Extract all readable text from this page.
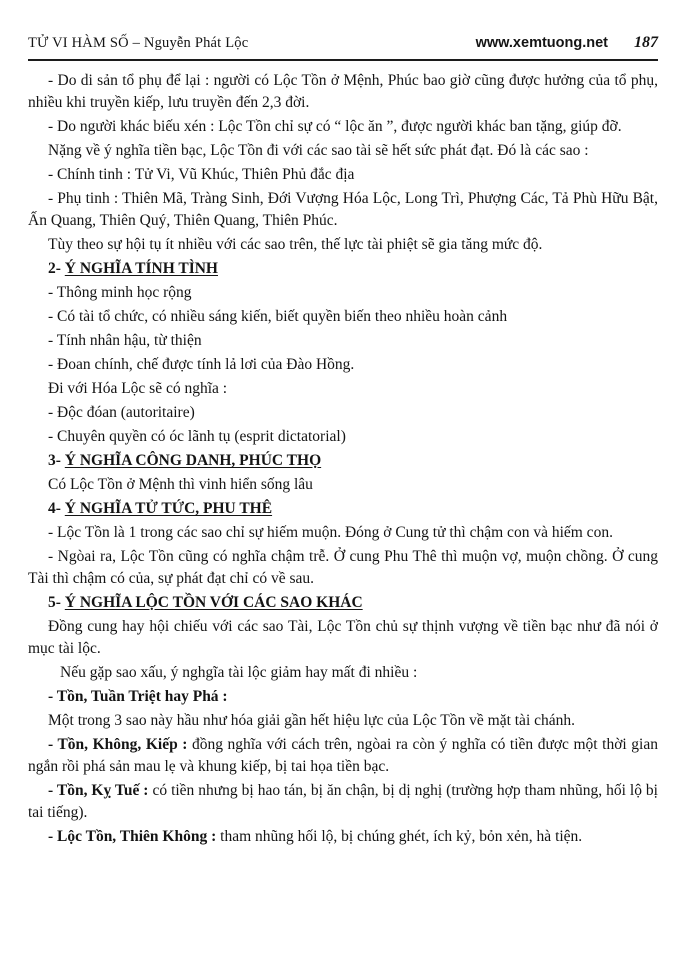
TỬ VI HÀM SỐ – Nguyễn Phát Lộc	www.xemtuong.net 187

- Do di sản tổ phụ để lại : người có Lộc Tồn ở Mệnh, Phúc bao giờ cũng được hưởng của tổ phụ, nhiều khi truyền kiếp, lưu truyền đến 2,3 đời.

- Do người khác biếu xén : Lộc Tồn chỉ sự có “ lộc ăn ”, được người khác ban tặng, giúp đỡ.

Nặng về ý nghĩa tiền bạc, Lộc Tồn đi với các sao tài sẽ hết sức phát đạt. Đó là các sao :

- Chính tinh : Tử Vi, Vũ Khúc, Thiên Phủ đắc địa

- Phụ tinh : Thiên Mã, Tràng Sinh, Đới Vượng Hóa Lộc, Long Trì, Phượng Các, Tả Phù Hữu Bật, Ấn Quang, Thiên Quý, Thiên Quang, Thiên Phúc.

Tùy theo sự hội tụ ít nhiều với các sao trên, thế lực tài phiệt sẽ gia tăng mức độ.

2- Ý NGHĨA TÍNH TÌNH

- Thông minh học rộng

- Có tài tổ chức, có nhiều sáng kiến, biết quyền biến theo nhiều hoàn cảnh

- Tính nhân hậu, từ thiện

- Đoan chính, chế được tính lả lơi của Đào Hồng.

Đi với Hóa Lộc sẽ có nghĩa :

- Độc đóan (autoritaire)

- Chuyên quyền có óc lãnh tụ (esprit dictatorial)

3- Ý NGHĨA CÔNG DANH, PHÚC THỌ

Có Lộc Tồn ở Mệnh thì vinh hiển sống lâu

4- Ý NGHĨA TỬ TỨC, PHU THÊ

- Lộc Tồn là 1 trong các sao chỉ sự hiếm muộn. Đóng ở Cung tử thì chậm con và hiếm con.

- Ngòai ra, Lộc Tồn cũng có nghĩa chậm trễ. Ở cung Phu Thê thì muộn vợ, muộn chồng. Ở cung Tài thì chậm có của, sự phát đạt chỉ có về sau.

5- Ý NGHĨA LỘC TỒN VỚI CÁC SAO KHÁC

Đồng cung hay hội chiếu với các sao Tài, Lộc Tồn chủ sự thịnh vượng về tiền bạc như đã nói ở mục tài lộc.

Nếu gặp sao xấu, ý nghgĩa tài lộc giảm hay mất đi nhiều :

- Tồn, Tuần Triệt hay Phá :

Một trong 3 sao này hầu như hóa giải gần hết hiệu lực của Lộc Tồn về mặt tài chánh.

- Tồn, Không, Kiếp : đồng nghĩa với cách trên, ngòai ra còn ý nghĩa có tiền được một thời gian ngắn rồi phá sản mau lẹ và khung kiếp, bị tai họa tiền bạc.

- Tồn, Kỵ Tuế : có tiền nhưng bị hao tán, bị ăn chận, bị dị nghị (trường hợp tham nhũng, hối lộ bị tai tiếng).

- Lộc Tồn, Thiên Không : tham nhũng hối lộ, bị chúng ghét, ích kỷ, bỏn xẻn, hà tiện.
